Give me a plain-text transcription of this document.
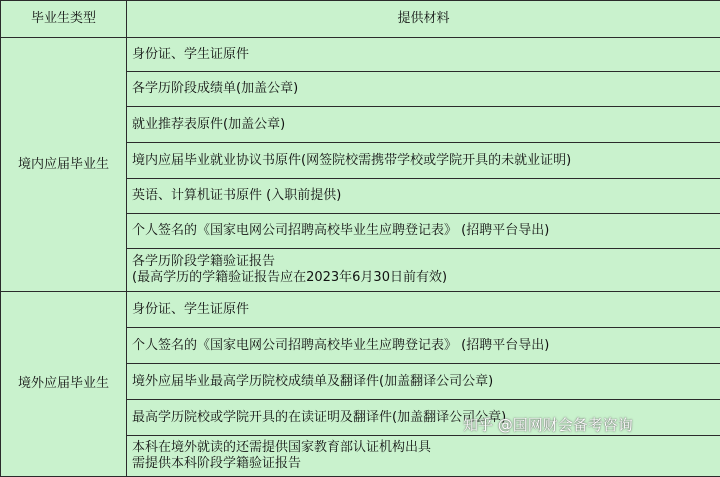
毕业生类型	提供材料
境内应届毕业生	身份证、学生证原件
	各学历阶段成绩单(加盖公章)
	就业推荐表原件(加盖公章)
	境内应届毕业就业协议书原件(网签院校需携带学校或学院开具的未就业证明)
	英语、计算机证书原件 (入职前提供)
	个人签名的《国家电网公司招聘高校毕业生应聘登记表》 (招聘平台导出)

	各学历阶段学籍验证报告
(最高学历的学籍验证报告应在2023年6月30日前有效)

境外应届毕业生	身份证、学生证原件
	个人签名的《国家电网公司招聘高校毕业生应聘登记表》 (招聘平台导出)
	境外应届毕业最高学历院校成绩单及翻译件(加盖翻译公司公章)
	最高学历院校或学院开具的在读证明及翻译件(加盖翻译公司公章)

	本科在境外就读的还需提供国家教育部认证机构出具
需提供本科阶段学籍验证报告
知乎 @国网财会备考咨询
